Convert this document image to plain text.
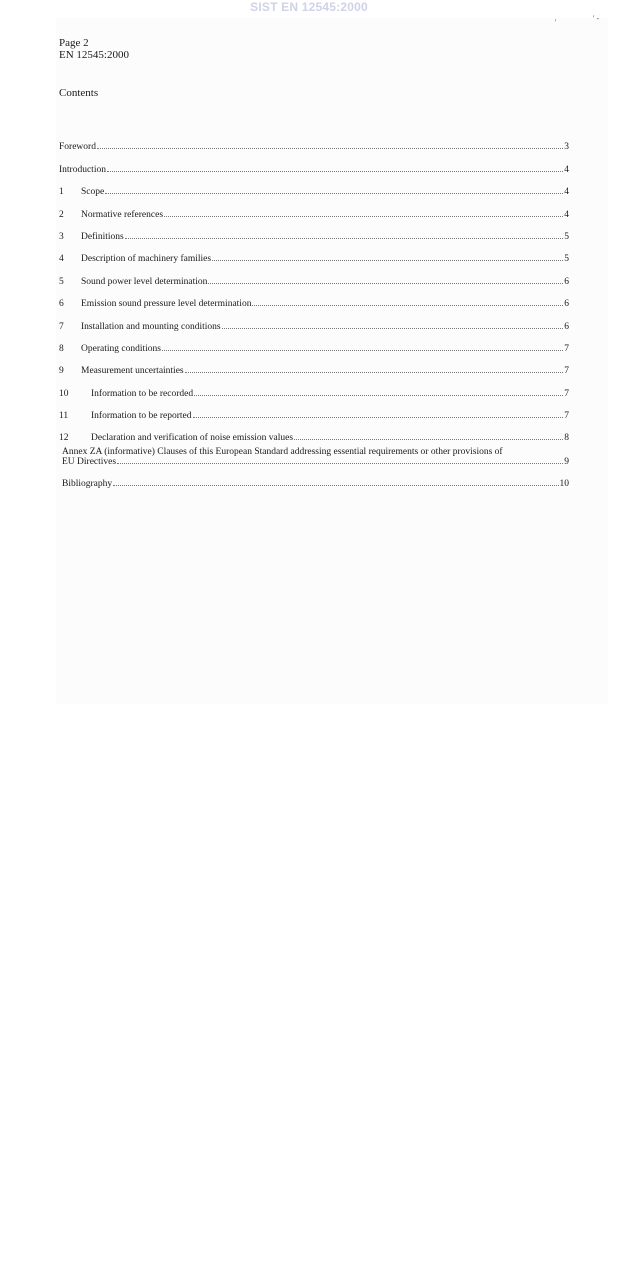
SIST EN 12545:2000
'	' -
Page 2
EN 12545:2000
Contents
Foreword	3
Introduction	4
1	Scope	4
2	Normative references	4
3	Definitions	5
4	Description of machinery families	5
5	Sound power level determination	6
6	Emission sound pressure level determination	6
7	Installation and mounting conditions	6
8	Operating conditions	7
9	Measurement uncertainties	7
10	Information to be recorded	7
11	Information to be reported	7
12	Declaration and verification of noise emission values	8
Annex ZA (informative) Clauses of this European Standard addressing essential requirements or other provisions of
EU Directives	9
Bibliography	10
